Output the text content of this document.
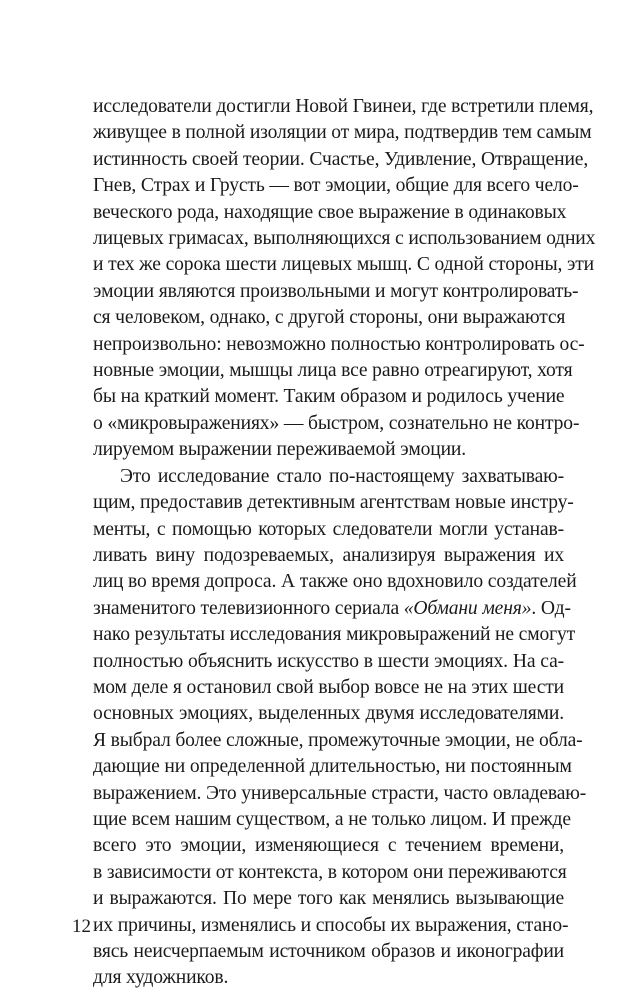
исследователи достигли Новой Гвинеи, где встретили племя,
живущее в полной изоляции от мира, подтвердив тем самым
истинность своей теории. Счастье, Удивление, Отвращение,
Гнев, Страх и Грусть — вот эмоции, общие для всего чело-
веческого рода, находящие свое выражение в одинаковых
лицевых гримасах, выполняющихся с использованием одних
и тех же сорока шести лицевых мышц. С одной стороны, эти
эмоции являются произвольными и могут контролировать-
ся человеком, однако, с другой стороны, они выражаются
непроизвольно: невозможно полностью контролировать ос-
новные эмоции, мышцы лица все равно отреагируют, хотя
бы на краткий момент. Таким образом и родилось учение
о «микровыражениях» — быстром, сознательно не контро-
лируемом выражении переживаемой эмоции.
Это исследование стало по-настоящему захватываю-
щим, предоставив детективным агентствам новые инстру-
менты, с помощью которых следователи могли устанав-
ливать вину подозреваемых, анализируя выражения их
лиц во время допроса. А также оно вдохновило создателей
знаменитого телевизионного сериала «Обмани меня». Од-
нако результаты исследования микровыражений не смогут
полностью объяснить искусство в шести эмоциях. На са-
мом деле я остановил свой выбор вовсе не на этих шести
основных эмоциях, выделенных двумя исследователями.
Я выбрал более сложные, промежуточные эмоции, не обла-
дающие ни определенной длительностью, ни постоянным
выражением. Это универсальные страсти, часто овладеваю-
щие всем нашим существом, а не только лицом. И прежде
всего это эмоции, изменяющиеся с течением времени,
в зависимости от контекста, в котором они переживаются
и выражаются. По мере того как менялись вызывающие
их причины, изменялись и способы их выражения, стано-
вясь неисчерпаемым источником образов и иконографии
для художников.
12
